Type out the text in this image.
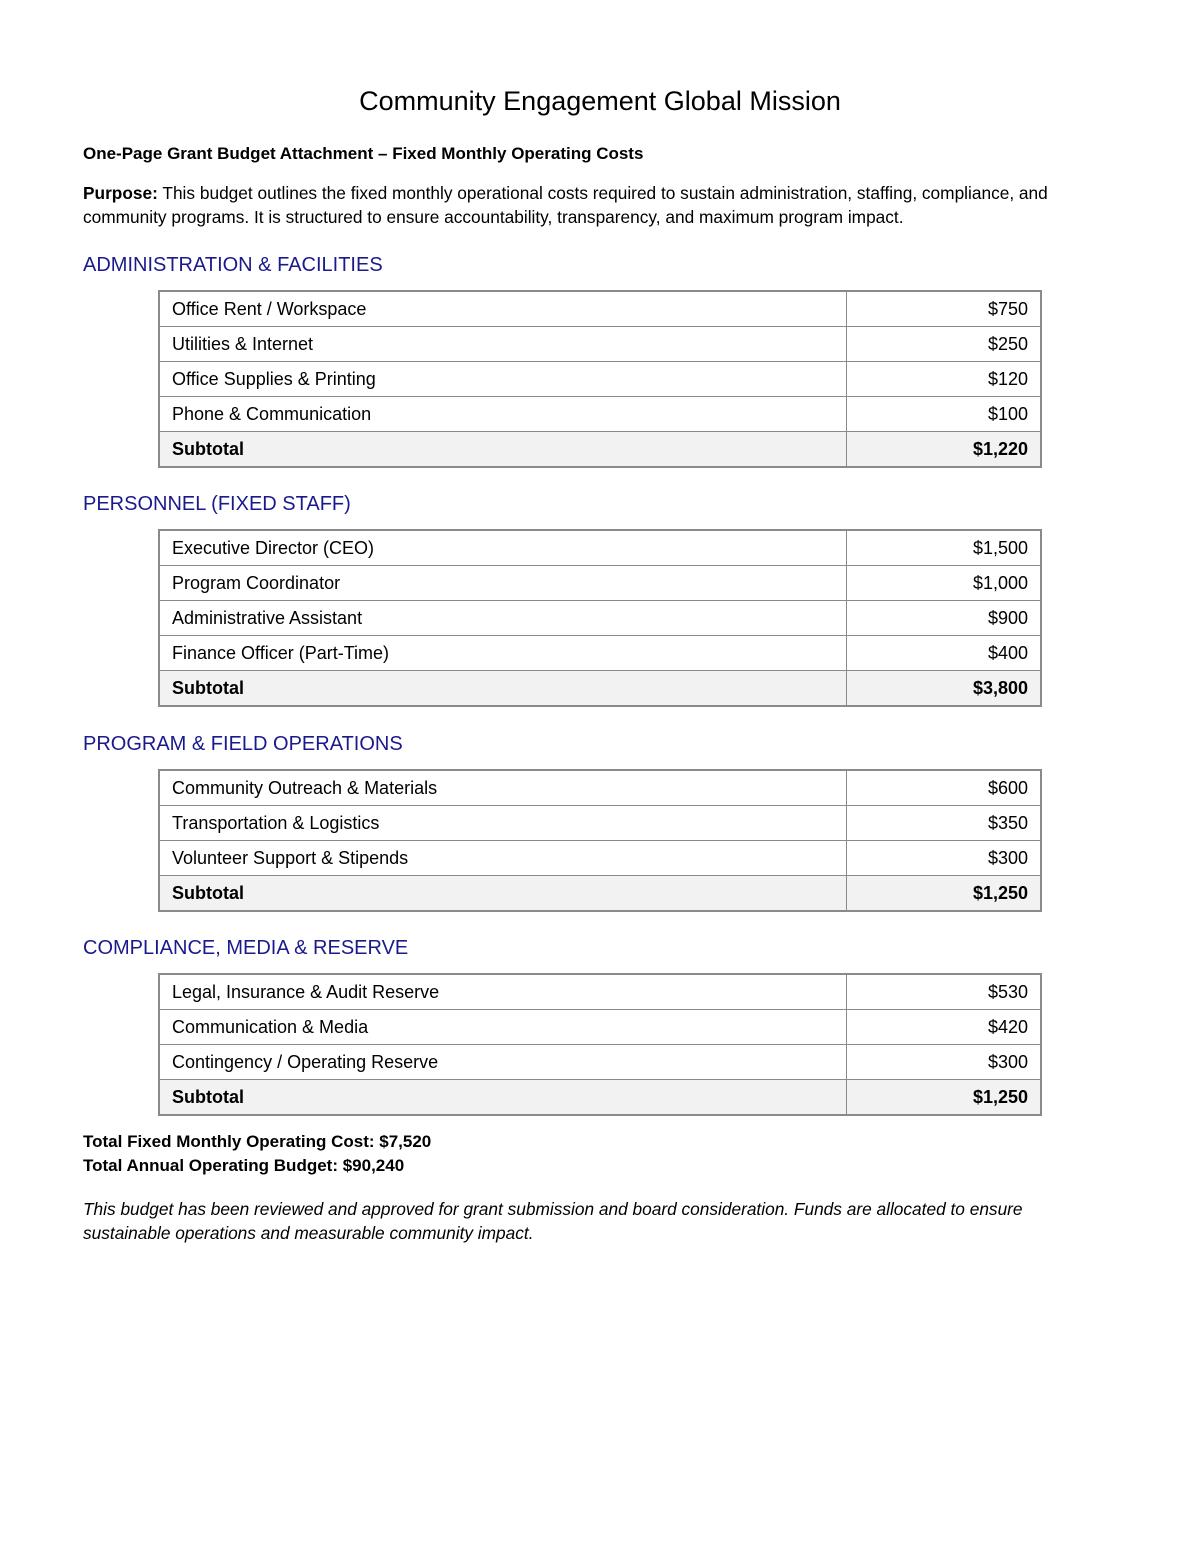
Community Engagement Global Mission

One-Page Grant Budget Attachment – Fixed Monthly Operating Costs

Purpose: This budget outlines the fixed monthly operational costs required to sustain administration, staffing, compliance, and community programs. It is structured to ensure accountability, transparency, and maximum program impact.

ADMINISTRATION & FACILITIES
Office Rent / Workspace	$750
Utilities & Internet	$250
Office Supplies & Printing	$120
Phone & Communication	$100
Subtotal	$1,220
PERSONNEL (FIXED STAFF)
Executive Director (CEO)	$1,500
Program Coordinator	$1,000
Administrative Assistant	$900
Finance Officer (Part-Time)	$400
Subtotal	$3,800
PROGRAM & FIELD OPERATIONS
Community Outreach & Materials	$600
Transportation & Logistics	$350
Volunteer Support & Stipends	$300
Subtotal	$1,250
COMPLIANCE, MEDIA & RESERVE
Legal, Insurance & Audit Reserve	$530
Communication & Media	$420
Contingency / Operating Reserve	$300
Subtotal	$1,250
Total Fixed Monthly Operating Cost: $7,520
Total Annual Operating Budget: $90,240

This budget has been reviewed and approved for grant submission and board consideration. Funds are allocated to ensure sustainable operations and measurable community impact.
